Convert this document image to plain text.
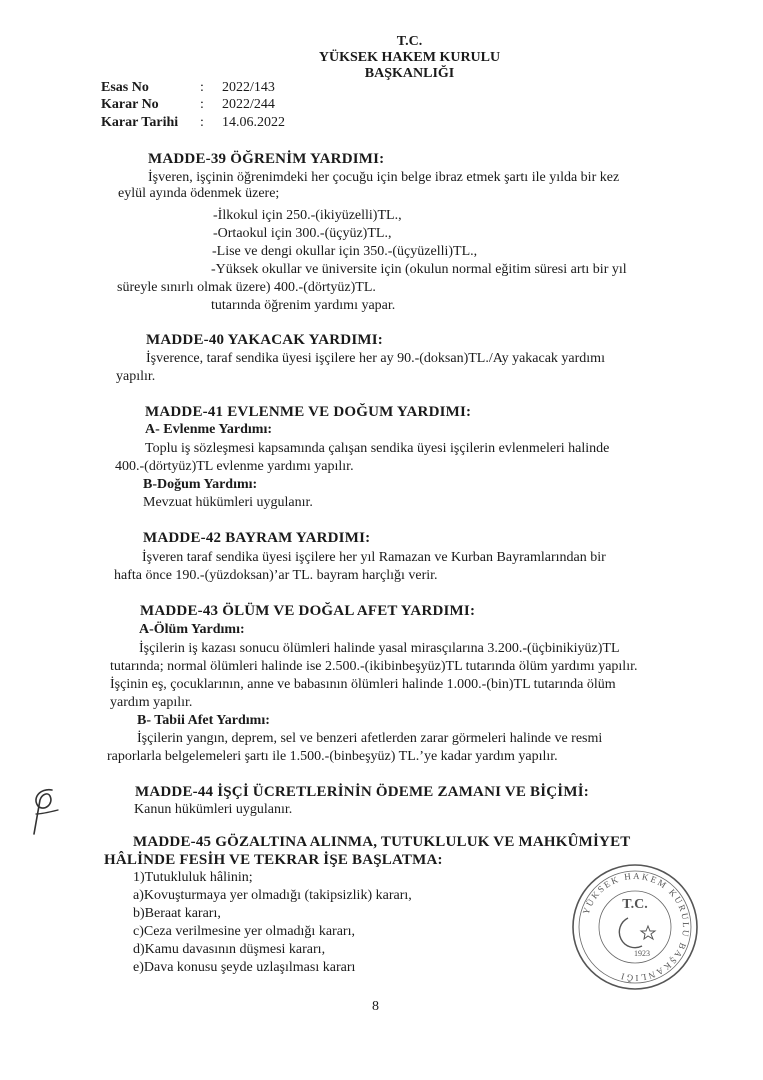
T.C.
YÜKSEK HAKEM KURULU
BAŞKANLIĞI
Esas No	: 2022/143
Karar No	: 2022/244
Karar Tarihi : 14.06.2022
MADDE-39 ÖĞRENİM YARDIMI:
İşveren, işçinin öğrenimdeki her çocuğu için belge ibraz etmek şartı ile yılda bir kez
eylül ayında ödenmek üzere;
-İlkokul için 250.-(ikiyüzelli)TL.,
-Ortaokul için 300.-(üçyüz)TL.,
-Lise ve dengi okullar için 350.-(üçyüzelli)TL.,
-Yüksek okullar ve üniversite için (okulun normal eğitim süresi artı bir yıl
süreyle sınırlı olmak üzere) 400.-(dörtyüz)TL.
tutarında öğrenim yardımı yapar.
MADDE-40 YAKACAK YARDIMI:
İşverence, taraf sendika üyesi işçilere her ay 90.-(doksan)TL./Ay yakacak yardımı
yapılır.
MADDE-41 EVLENME VE DOĞUM YARDIMI:
A- Evlenme Yardımı:
Toplu iş sözleşmesi kapsamında çalışan sendika üyesi işçilerin evlenmeleri halinde
400.-(dörtyüz)TL evlenme yardımı yapılır.
B-Doğum Yardımı:
Mevzuat hükümleri uygulanır.
MADDE-42 BAYRAM YARDIMI:
İşveren taraf sendika üyesi işçilere her yıl Ramazan ve Kurban Bayramlarından bir
hafta önce 190.-(yüzdoksan)’ar TL. bayram harçlığı verir.
MADDE-43 ÖLÜM VE DOĞAL AFET YARDIMI:
A-Ölüm Yardımı:
İşçilerin iş kazası sonucu ölümleri halinde yasal mirasçılarına 3.200.-(üçbinikiyüz)TL
tutarında; normal ölümleri halinde ise 2.500.-(ikibinbeşyüz)TL tutarında ölüm yardımı yapılır.
İşçinin eş, çocuklarının, anne ve babasının ölümleri halinde 1.000.-(bin)TL tutarında ölüm
yardım yapılır.
B- Tabii Afet Yardımı:
İşçilerin yangın, deprem, sel ve benzeri afetlerden zarar görmeleri halinde ve resmi
raporlarla belgelemeleri şartı ile 1.500.-(binbeşyüz) TL.’ye kadar yardım yapılır.
MADDE-44 İŞÇİ ÜCRETLERİNİN ÖDEME ZAMANI VE BİÇİMİ:
Kanun hükümleri uygulanır.
MADDE-45 GÖZALTINA ALINMA, TUTUKLULUK VE MAHKÛMİYET
HÂLİNDE FESİH VE TEKRAR İŞE BAŞLATMA:
1)Tutukluluk hâlinin;
a)Kovuşturmaya yer olmadığı (takipsizlik) kararı,
b)Beraat kararı,
c)Ceza verilmesine yer olmadığı kararı,
d)Kamu davasının düşmesi kararı,
e)Dava konusu şeyde uzlaşılması kararı
8
YÜKSEK HAKEM KURULU BAŞKANLIĞI
T.C.
1923
